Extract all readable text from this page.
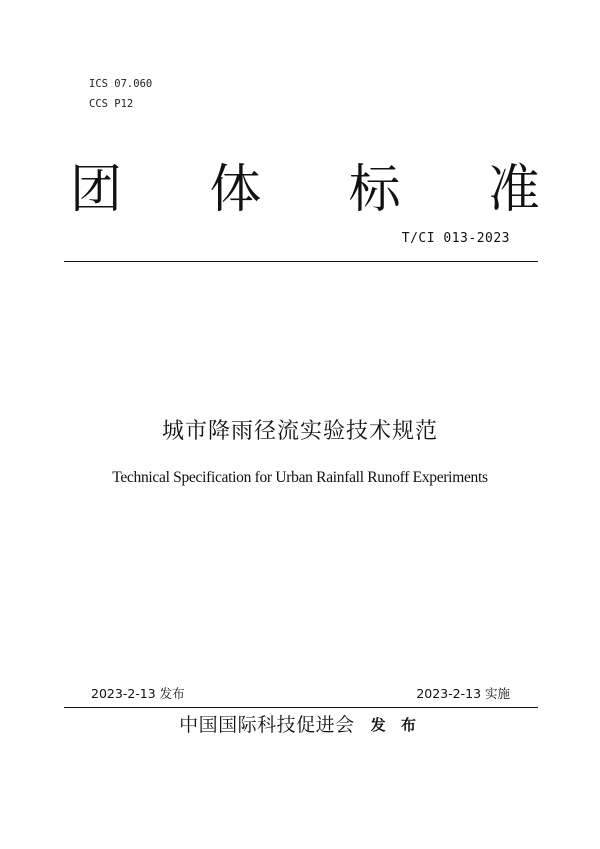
ICS 07.060
CCS P12
团 体 标 准
T/CI 013-2023
城市降雨径流实验技术规范
Technical Specification for Urban Rainfall Runoff Experiments
2023-2-13 发布	2023-2-13 实施
中国国际科技促进会 发 布
